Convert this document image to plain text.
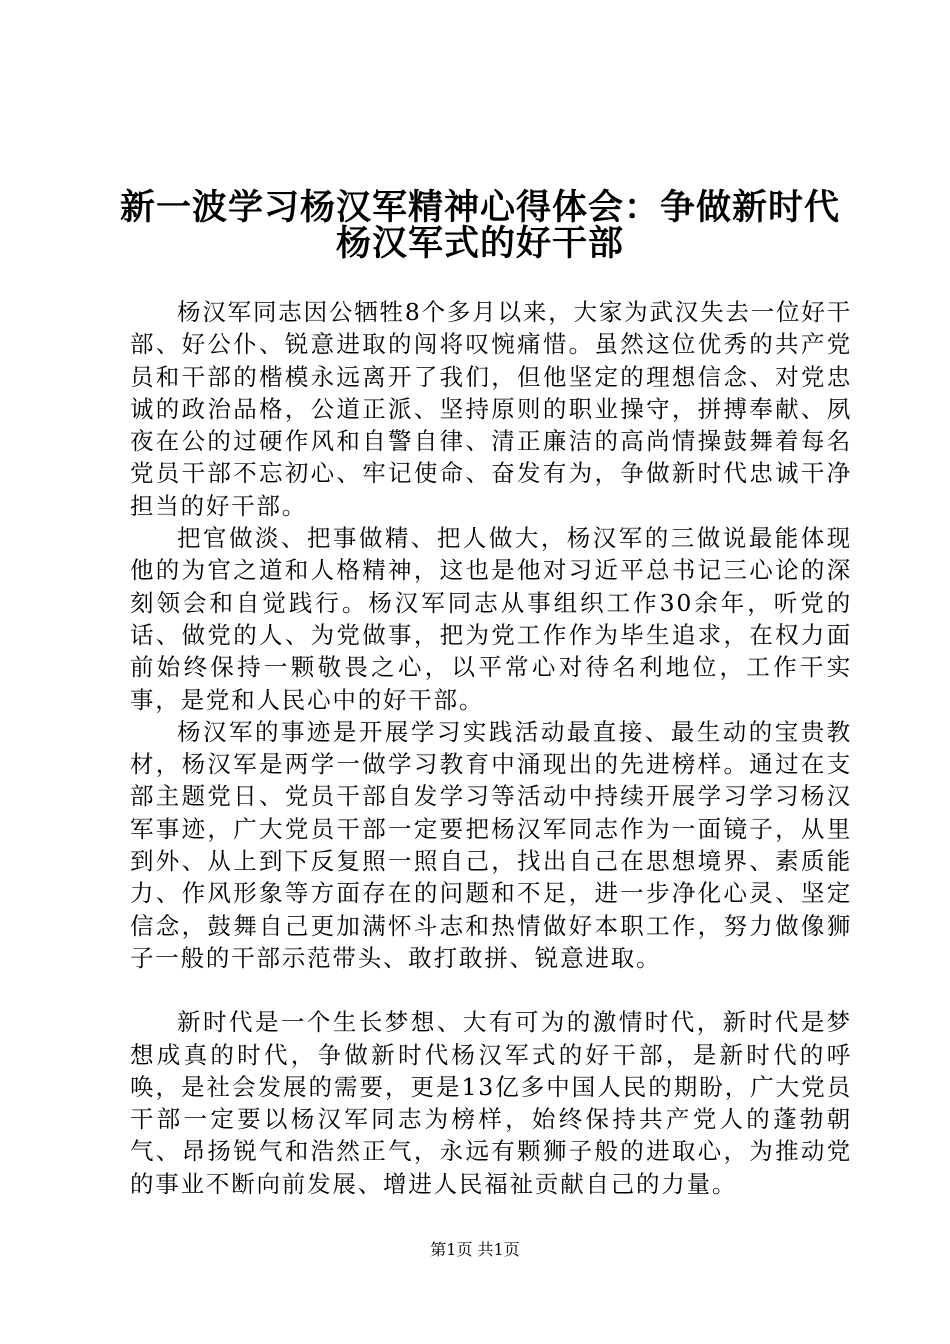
新一波学习杨汉军精神心得体会：争做新时代
杨汉军式的好干部

杨汉军同志因公牺牲8个多月以来，大家为武汉失去一位好干部、好公仆、锐意进取的闯将叹惋痛惜。虽然这位优秀的共产党员和干部的楷模永远离开了我们，但他坚定的理想信念、对党忠诚的政治品格，公道正派、坚持原则的职业操守，拼搏奉献、夙夜在公的过硬作风和自警自律、清正廉洁的高尚情操鼓舞着每名党员干部不忘初心、牢记使命、奋发有为，争做新时代忠诚干净担当的好干部。

把官做淡、把事做精、把人做大，杨汉军的三做说最能体现他的为官之道和人格精神，这也是他对习近平总书记三心论的深刻领会和自觉践行。杨汉军同志从事组织工作30余年，听党的话、做党的人、为党做事，把为党工作作为毕生追求，在权力面前始终保持一颗敬畏之心，以平常心对待名利地位，工作干实事，是党和人民心中的好干部。

杨汉军的事迹是开展学习实践活动最直接、最生动的宝贵教材，杨汉军是两学一做学习教育中涌现出的先进榜样。通过在支部主题党日、党员干部自发学习等活动中持续开展学习学习杨汉军事迹，广大党员干部一定要把杨汉军同志作为一面镜子，从里到外、从上到下反复照一照自己，找出自己在思想境界、素质能力、作风形象等方面存在的问题和不足，进一步净化心灵、坚定信念，鼓舞自己更加满怀斗志和热情做好本职工作，努力做像狮子一般的干部示范带头、敢打敢拼、锐意进取。

新时代是一个生长梦想、大有可为的激情时代，新时代是梦想成真的时代，争做新时代杨汉军式的好干部，是新时代的呼唤，是社会发展的需要，更是13亿多中国人民的期盼，广大党员干部一定要以杨汉军同志为榜样，始终保持共产党人的蓬勃朝气、昂扬锐气和浩然正气，永远有颗狮子般的进取心，为推动党的事业不断向前发展、增进人民福祉贡献自己的力量。

第1页 共1页
